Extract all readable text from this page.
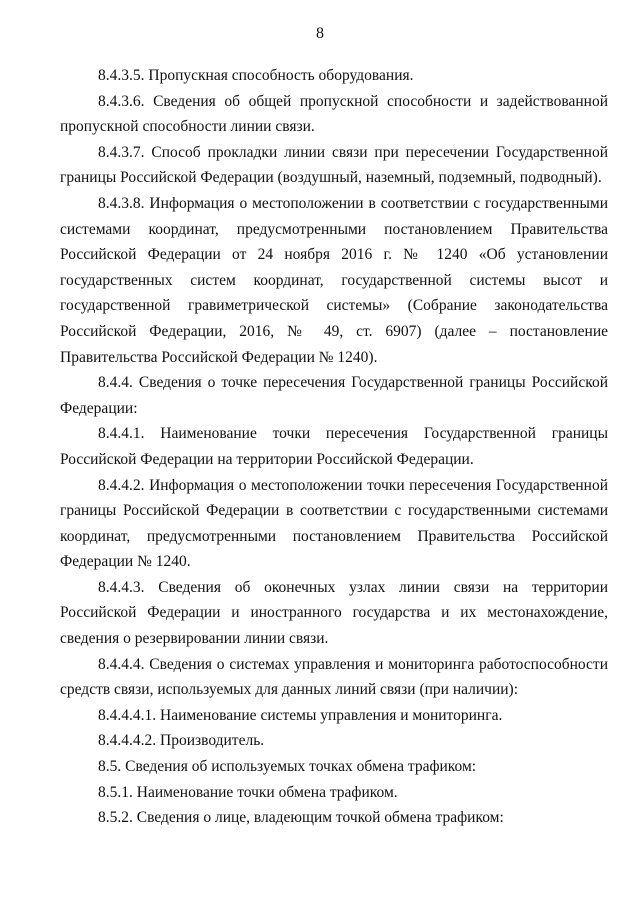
8

8.4.3.5. Пропускная способность оборудования.

8.4.3.6. Сведения об общей пропускной способности и задействованной пропускной способности линии связи.

8.4.3.7. Способ прокладки линии связи при пересечении Государственной границы Российской Федерации (воздушный, наземный, подземный, подводный).

8.4.3.8. Информация о местоположении в соответствии с государственными системами координат, предусмотренными постановлением Правительства Российской Федерации от 24 ноября 2016 г. № 1240 «Об установлении государственных систем координат, государственной системы высот и государственной гравиметрической системы» (Собрание законодательства Российской Федерации, 2016, № 49, ст. 6907) (далее – постановление Правительства Российской Федерации № 1240).

8.4.4. Сведения о точке пересечения Государственной границы Российской Федерации:

8.4.4.1. Наименование точки пересечения Государственной границы Российской Федерации на территории Российской Федерации.

8.4.4.2. Информация о местоположении точки пересечения Государственной границы Российской Федерации в соответствии с государственными системами координат, предусмотренными постановлением Правительства Российской Федерации № 1240.

8.4.4.3. Сведения об оконечных узлах линии связи на территории Российской Федерации и иностранного государства и их местонахождение, сведения о резервировании линии связи.

8.4.4.4. Сведения о системах управления и мониторинга работоспособности средств связи, используемых для данных линий связи (при наличии):

8.4.4.4.1. Наименование системы управления и мониторинга.

8.4.4.4.2. Производитель.

8.5. Сведения об используемых точках обмена трафиком:

8.5.1. Наименование точки обмена трафиком.

8.5.2. Сведения о лице, владеющим точкой обмена трафиком:
